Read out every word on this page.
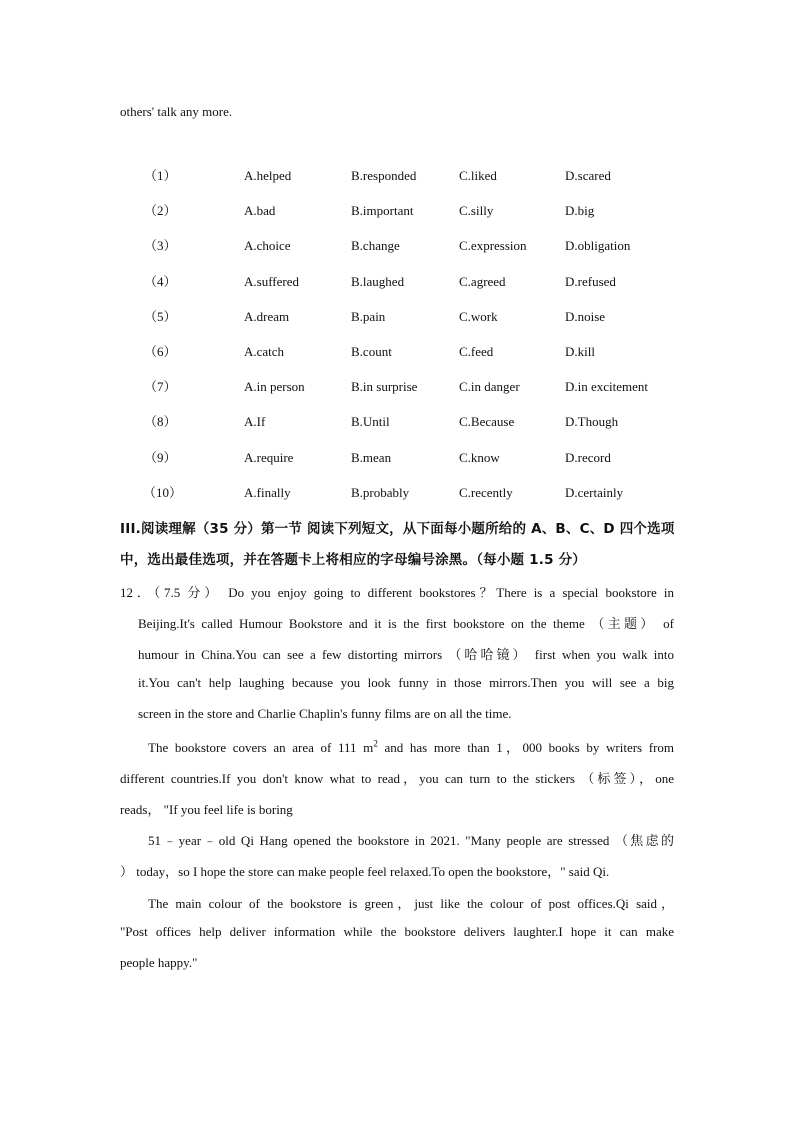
others' talk any more.
（1）	A.helped	B.responded	C.liked	D.scared
（2）	A.bad	B.important	C.silly	D.big
（3）	A.choice	B.change	C.expression	D.obligation
（4）	A.suffered	B.laughed	C.agreed	D.refused
（5）	A.dream	B.pain	C.work	D.noise
（6）	A.catch	B.count	C.feed	D.kill
（7）	A.in person	B.in surprise	C.in danger	D.in excitement
（8）	A.If	B.Until	C.Because	D.Though
（9）	A.require	B.mean	C.know	D.record
（10）	A.finally	B.probably	C.recently	D.certainly
III.阅读理解（35 分）第一节 阅读下列短文，从下面每小题所给的 A、B、C、D 四个选项
中，选出最佳选项，并在答题卡上将相应的字母编号涂黑。（每小题 1.5 分）
12．（7.5 分） Do you enjoy going to different bookstores？There is a special bookstore in
Beijing.It's called Humour Bookstore and it is the first bookstore on the theme （主题） of
humour in China.You can see a few distorting mirrors （哈哈镜） first when you walk into
it.You can't help laughing because you look funny in those mirrors.Then you will see a big
screen in the store and Charlie Chaplin's funny films are on all the time.
The bookstore covers an area of 111 $m^2$ and has more than 1，000 books by writers from
different countries.If you don't know what to read，you can turn to the stickers （标签），one
reads， "If you feel life is boring
51﹣year﹣old Qi Hang opened the bookstore in 2021. "Many people are stressed （焦虑的
） today，so I hope the store can make people feel relaxed.To open the bookstore，" said Qi.
The main colour of the bookstore is green，just like the colour of post offices.Qi said，
"Post offices help deliver information while the bookstore delivers laughter.I hope it can make
people happy."
